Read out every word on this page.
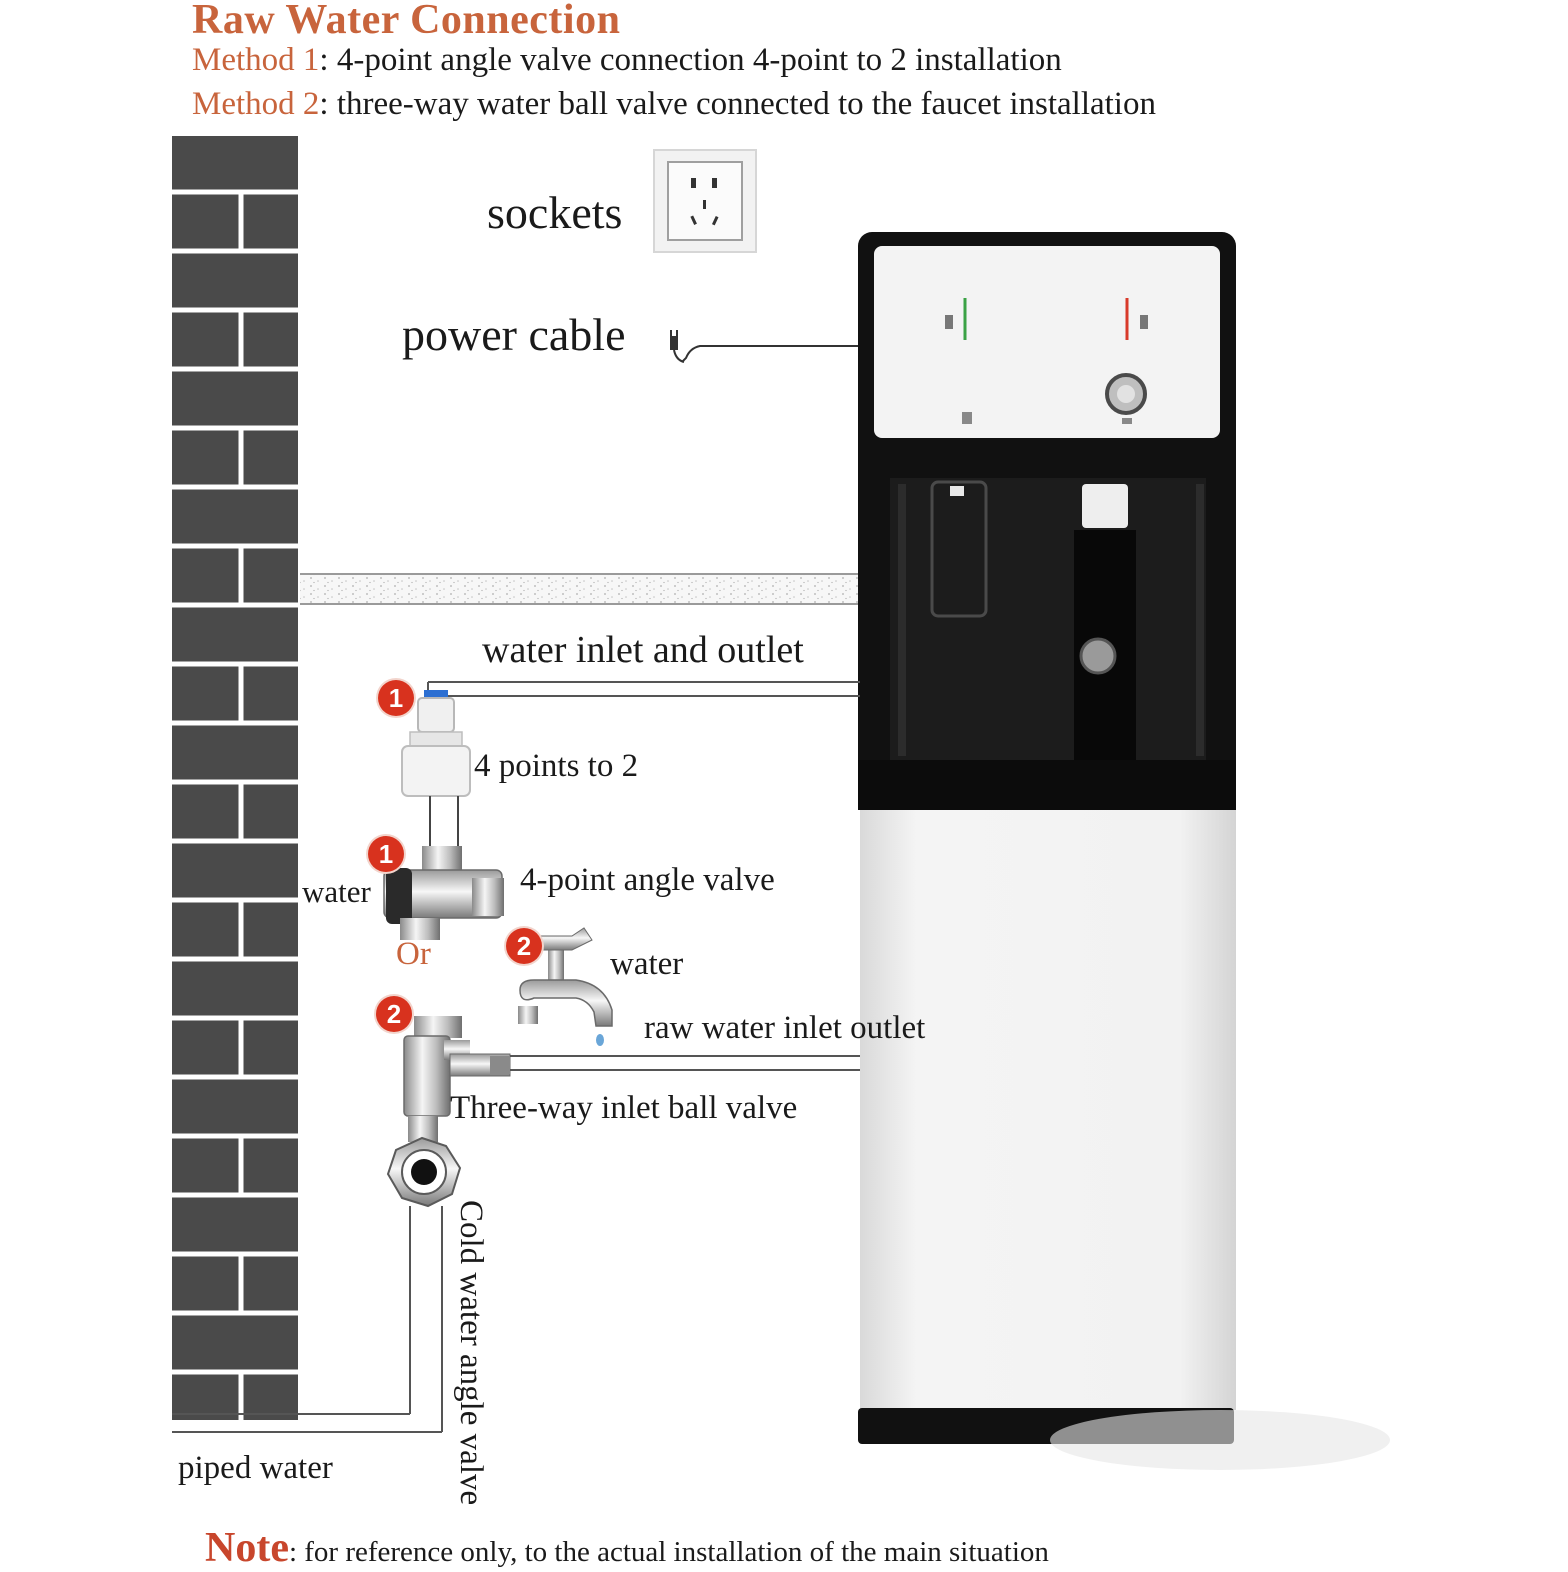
Raw Water Connection
Method 1: 4-point angle valve connection 4-point to 2 installation
Method 2: three-way water ball valve connected to the faucet installation
sockets
power cable
water inlet and outlet
4 points to 2
water	4-point angle valve
Or	water
raw water inlet outlet
Three-way inlet ball valve
Cold water angle valve
piped water
1
1
2
2
Note: for reference only, to the actual installation of the main situation
